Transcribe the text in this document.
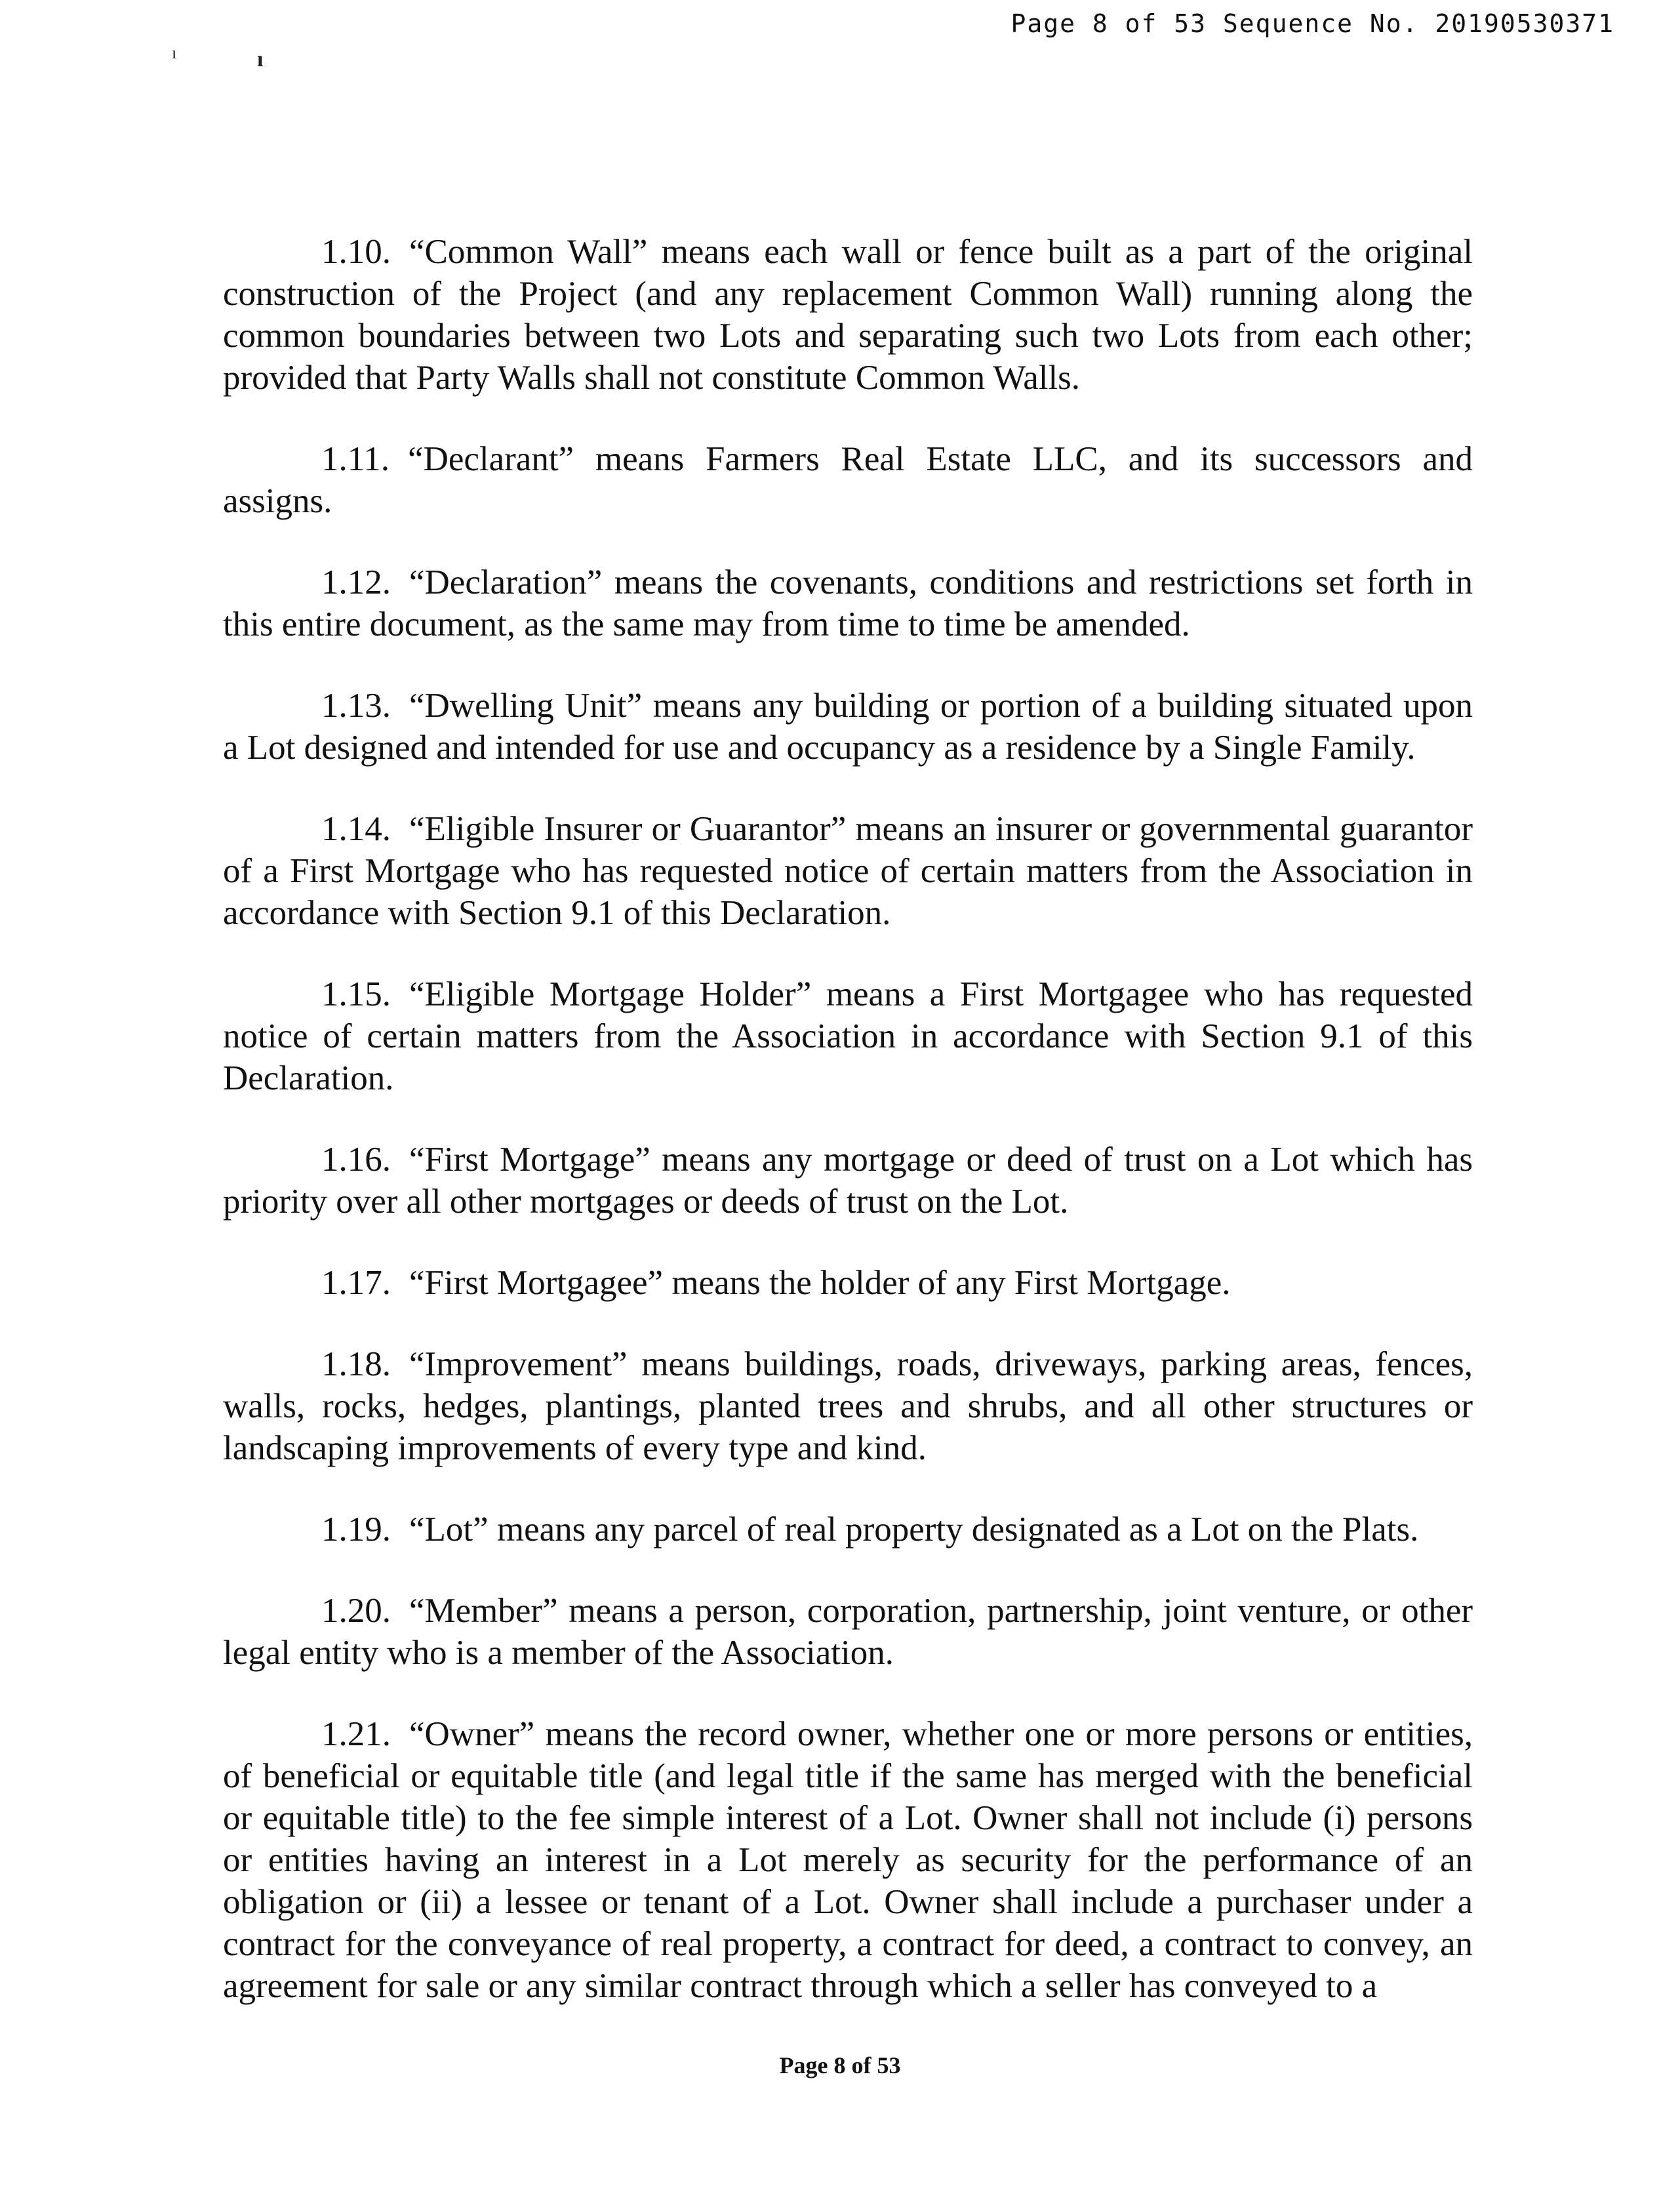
Page 8 of 53 Sequence No. 20190530371
ı	ı

1.10. “Common Wall” means each wall or fence built as a part of the original construction of the Project (and any replacement Common Wall) running along the common boundaries between two Lots and separating such two Lots from each other; provided that Party Walls shall not constitute Common Walls.

1.11. “Declarant” means Farmers Real Estate LLC, and its successors and assigns.

1.12. “Declaration” means the covenants, conditions and restrictions set forth in this entire document, as the same may from time to time be amended.

1.13. “Dwelling Unit” means any building or portion of a building situated upon a Lot designed and intended for use and occupancy as a residence by a Single Family.

1.14. “Eligible Insurer or Guarantor” means an insurer or governmental guarantor of a First Mortgage who has requested notice of certain matters from the Association in accordance with Section 9.1 of this Declaration.

1.15. “Eligible Mortgage Holder” means a First Mortgagee who has requested notice of certain matters from the Association in accordance with Section 9.1 of this Declaration.

1.16. “First Mortgage” means any mortgage or deed of trust on a Lot which has priority over all other mortgages or deeds of trust on the Lot.

1.17. “First Mortgagee” means the holder of any First Mortgage.

1.18. “Improvement” means buildings, roads, driveways, parking areas, fences, walls, rocks, hedges, plantings, planted trees and shrubs, and all other structures or landscaping improvements of every type and kind.

1.19. “Lot” means any parcel of real property designated as a Lot on the Plats.

1.20. “Member” means a person, corporation, partnership, joint venture, or other legal entity who is a member of the Association.

1.21. “Owner” means the record owner, whether one or more persons or entities, of beneficial or equitable title (and legal title if the same has merged with the beneficial or equitable title) to the fee simple interest of a Lot. Owner shall not include (i) persons or entities having an interest in a Lot merely as security for the performance of an obligation or (ii) a lessee or tenant of a Lot. Owner shall include a purchaser under a contract for the conveyance of real property, a contract for deed, a contract to convey, an agreement for sale or any similar contract through which a seller has conveyed to a

Page 8 of 53
